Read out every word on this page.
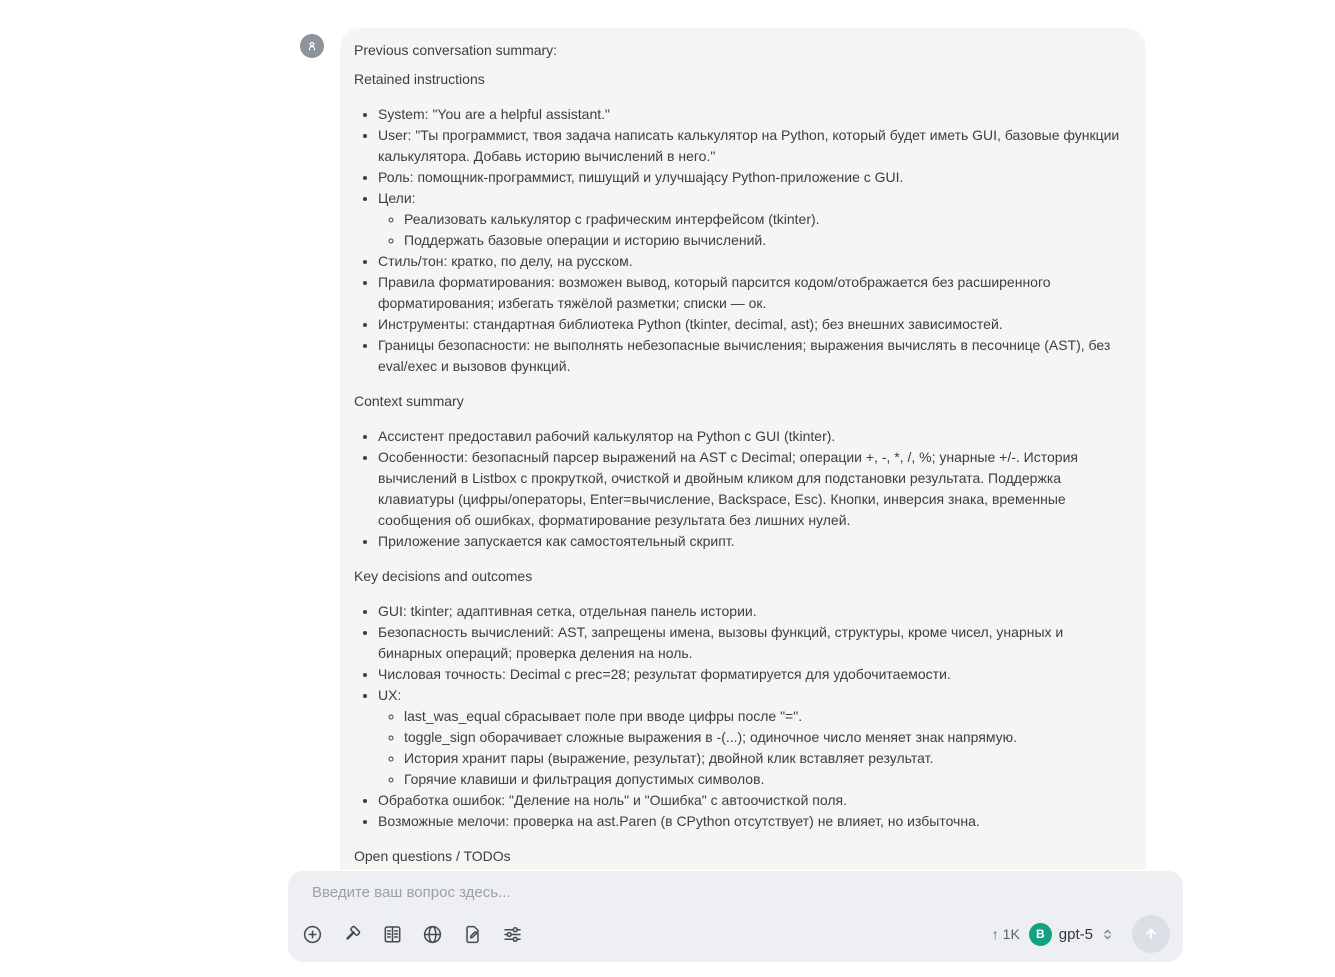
Previous conversation summary:

Retained instructions

• System: "You are a helpful assistant."
• User: "Ты программист, твоя задача написать калькулятор на Python, который будет иметь GUI, базовые функции калькулятора. Добавь историю вычислений в него."
• Роль: помощник-программист, пишущий и улучшаjący Python-приложение с GUI.
• Цели:
◦ Реализовать калькулятор с графическим интерфейсом (tkinter).
◦ Поддержать базовые операции и историю вычислений.
• Стиль/тон: кратко, по делу, на русском.
• Правила форматирования: возможен вывод, который парсится кодом/отображается без расширенного форматирования; избегать тяжёлой разметки; списки — ок.
• Инструменты: стандартная библиотека Python (tkinter, decimal, ast); без внешних зависимостей.
• Границы безопасности: не выполнять небезопасные вычисления; выражения вычислять в песочнице (AST), без eval/exec и вызовов функций.

Context summary

• Ассистент предоставил рабочий калькулятор на Python с GUI (tkinter).
• Особенности: безопасный парсер выражений на AST с Decimal; операции +, -, *, /, %; унарные +/-. История вычислений в Listbox с прокруткой, очисткой и двойным кликом для подстановки результата. Поддержка клавиатуры (цифры/операторы, Enter=вычисление, Backspace, Esc). Кнопки, инверсия знака, временные сообщения об ошибках, форматирование результата без лишних нулей.
• Приложение запускается как самостоятельный скрипт.

Key decisions and outcomes

• GUI: tkinter; адаптивная сетка, отдельная панель истории.
• Безопасность вычислений: AST, запрещены имена, вызовы функций, структуры, кроме чисел, унарных и бинарных операций; проверка деления на ноль.
• Числовая точность: Decimal с prec=28; результат форматируется для удобочитаемости.
• UX:
◦ last_was_equal сбрасывает поле при вводе цифры после "=".
◦ toggle_sign оборачивает сложные выражения в -(...); одиночное число меняет знак напрямую.
◦ История хранит пары (выражение, результат); двойной клик вставляет результат.
◦ Горячие клавиши и фильтрация допустимых символов.
• Обработка ошибок: "Деление на ноль" и "Ошибка" с автоочисткой поля.
• Возможные мелочи: проверка на ast.Paren (в CPython отсутствует) не влияет, но избыточна.

Open questions / TODOs

Введите ваш вопрос здесь...
↑ 1K	B gpt-5
